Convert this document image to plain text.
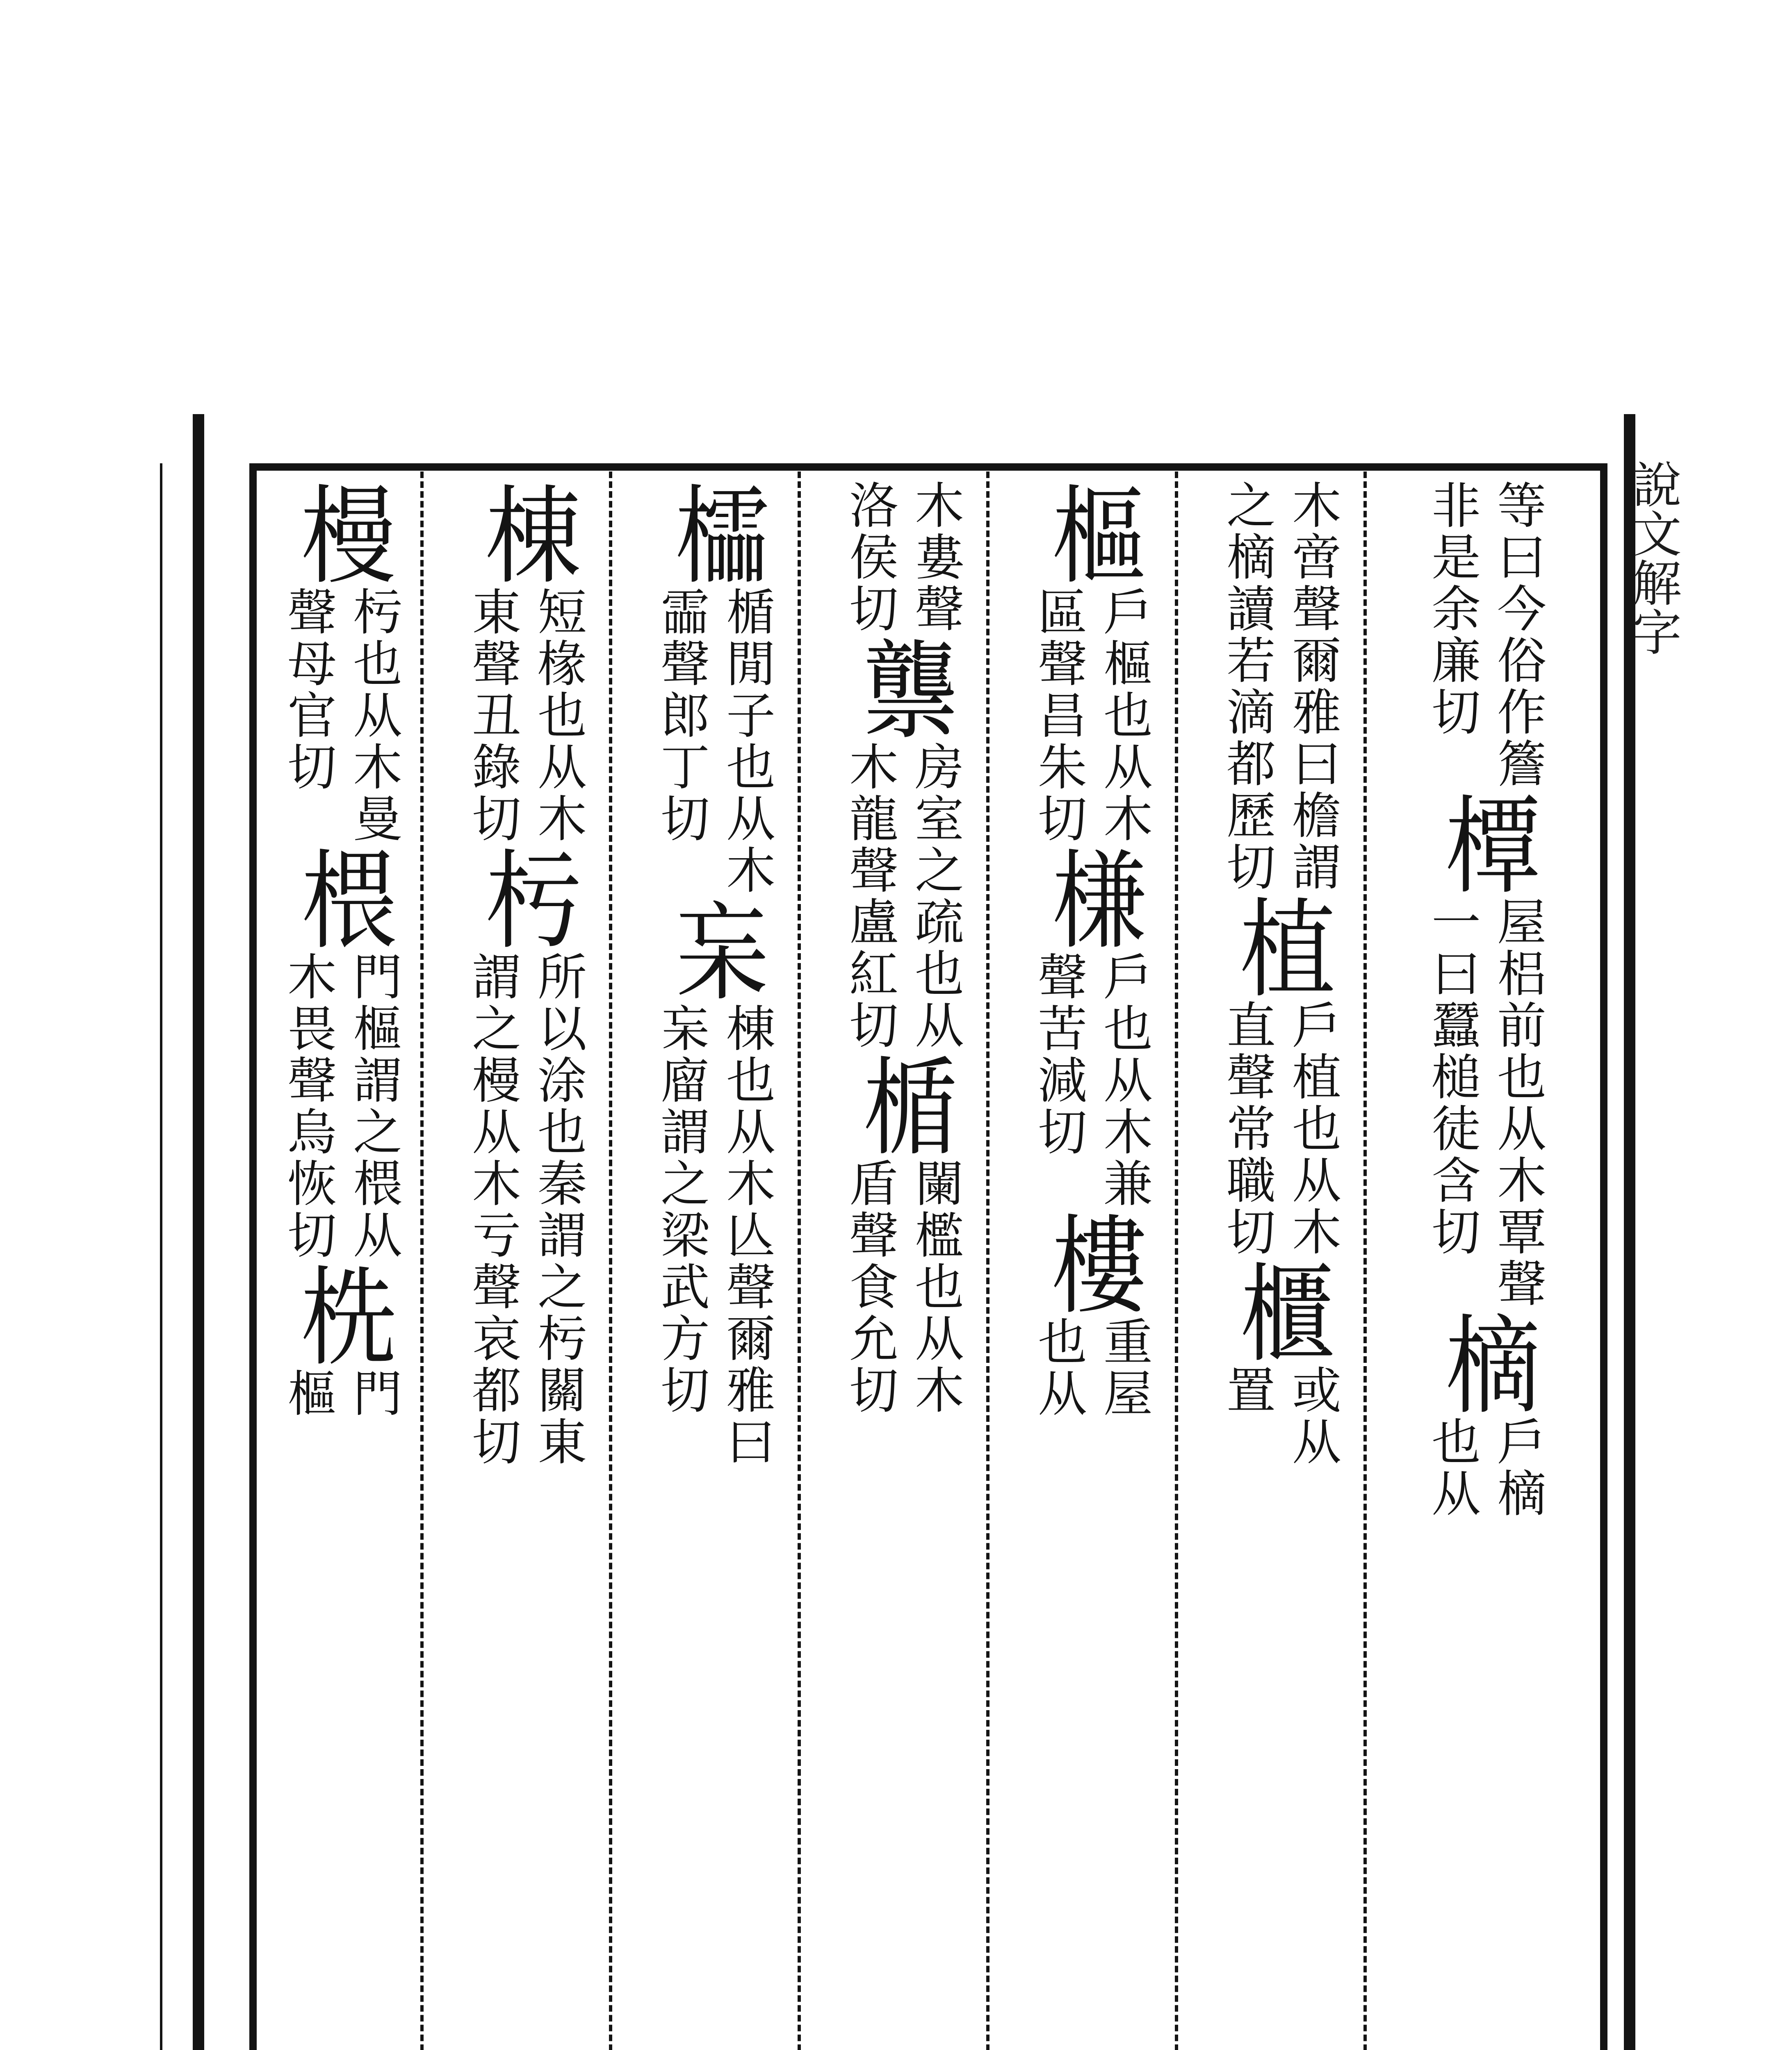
說文解字
非是余廉切 等曰今俗作簷
橝
一曰蠶槌徒含切 屋梠前也从木覃聲
樀
也从 戶樀
之樀讀若滴都歷切 木啻聲爾雅曰檐謂
植
直聲常職切 戶植也从木
櫃
置 或从
樞
區聲昌朱切 戶樞也从木
槏
聲苦減切 戶也从木兼
樓
也从 重屋
洛侯切 木婁聲
龒
木龍聲盧紅切 房室之疏也从
楯
盾聲食允切 闌檻也从木
櫺
霝聲郎丁切 楯閒子也从木
杗
杗廇謂之梁武方切 棟也从木亾聲爾雅曰
棟
東聲丑錄切 短椽也从木
杇
謂之槾从木亏聲哀都切 所以涂也秦謂之杇關東
槾
聲母官切 杇也从木曼
椳
木畏聲烏恢切 門樞謂之椳从
㭠
樞 門
